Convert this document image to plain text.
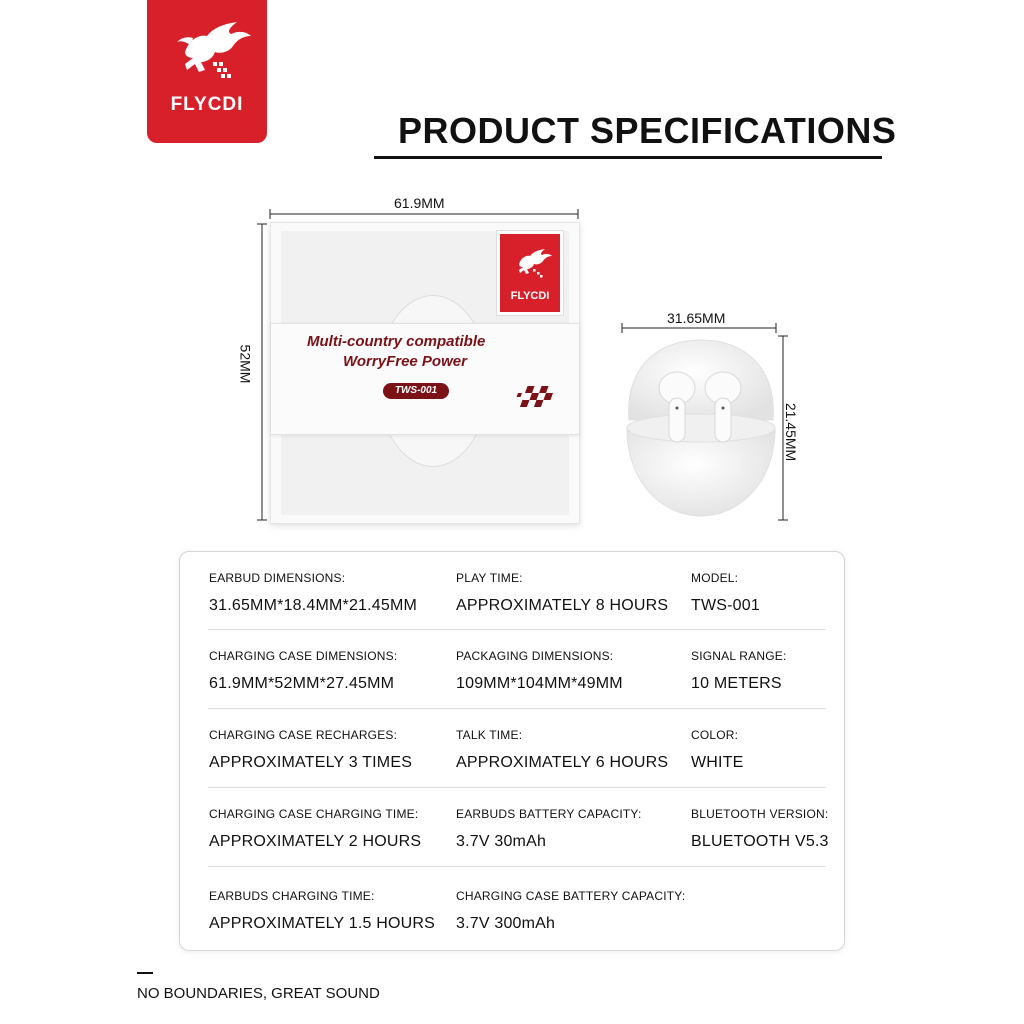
FLYCDI
PRODUCT SPECIFICATIONS
61.9MM
52MM
31.65MM
21.45MM
FLYCDI
Multi-country compatible
WorryFree Power
TWS-001
EARBUD DIMENSIONS:
31.65MM*18.4MM*21.45MM
PLAY TIME:
APPROXIMATELY 8 HOURS
MODEL:
TWS-001
CHARGING CASE DIMENSIONS:
61.9MM*52MM*27.45MM
PACKAGING DIMENSIONS:
109MM*104MM*49MM
SIGNAL RANGE:
10 METERS
CHARGING CASE RECHARGES:
APPROXIMATELY 3 TIMES
TALK TIME:
APPROXIMATELY 6 HOURS
COLOR:
WHITE
CHARGING CASE CHARGING TIME:
APPROXIMATELY 2 HOURS
EARBUDS BATTERY CAPACITY:
3.7V 30mAh
BLUETOOTH VERSION:
BLUETOOTH V5.3
EARBUDS CHARGING TIME:
APPROXIMATELY 1.5 HOURS
CHARGING CASE BATTERY CAPACITY:
3.7V 300mAh
NO BOUNDARIES, GREAT SOUND
